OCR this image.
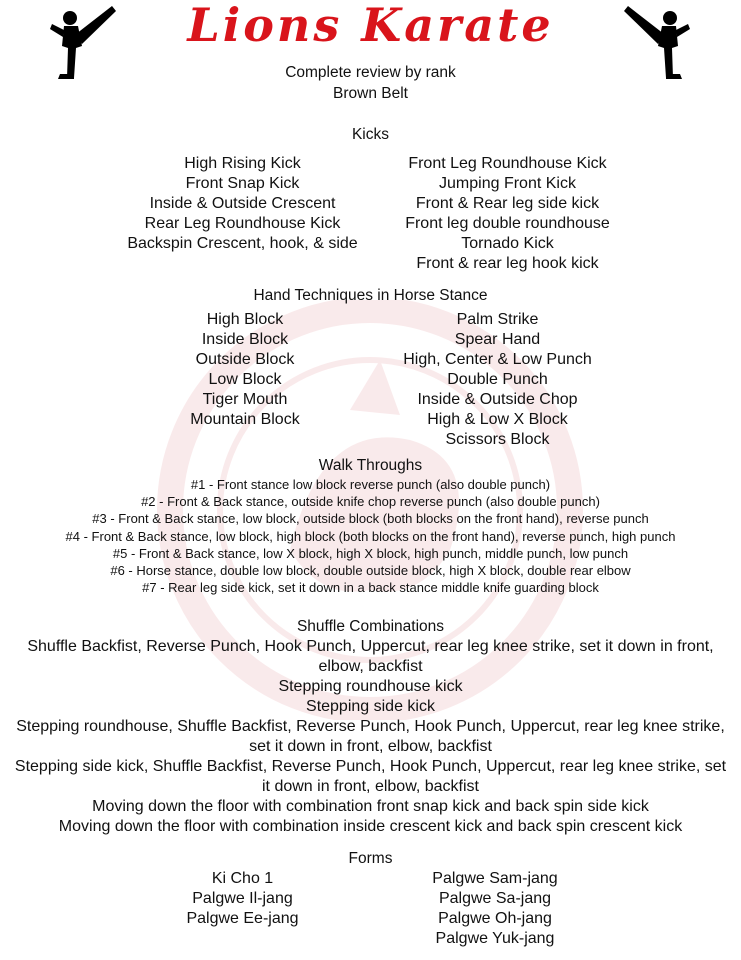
Lions Karate
Complete review by rank
Brown Belt
Kicks
High Rising Kick
Front Snap Kick
Inside & Outside Crescent
Rear Leg Roundhouse Kick
Backspin Crescent, hook, & side
Front Leg Roundhouse Kick
Jumping Front Kick
Front & Rear leg side kick
Front leg double roundhouse
Tornado Kick
Front & rear leg hook kick
Hand Techniques in Horse Stance
High Block
Inside Block
Outside Block
Low Block
Tiger Mouth
Mountain Block
Palm Strike
Spear Hand
High, Center & Low Punch
Double Punch
Inside & Outside Chop
High & Low X Block
Scissors Block
Walk Throughs
#1 - Front stance low block reverse punch (also double punch)
#2 - Front & Back stance, outside knife chop reverse punch (also double punch)
#3 - Front & Back stance, low block, outside block (both blocks on the front hand), reverse punch
#4 - Front & Back stance, low block, high block (both blocks on the front hand), reverse punch, high punch
#5 - Front & Back stance, low X block, high X block, high punch, middle punch, low punch
#6 - Horse stance, double low block, double outside block, high X block, double rear elbow
#7 - Rear leg side kick, set it down in a back stance middle knife guarding block
Shuffle Combinations
Shuffle Backfist, Reverse Punch, Hook Punch, Uppercut, rear leg knee strike, set it down in front, elbow, backfist
Stepping roundhouse kick
Stepping side kick
Stepping roundhouse, Shuffle Backfist, Reverse Punch, Hook Punch, Uppercut, rear leg knee strike, set it down in front, elbow, backfist
Stepping side kick, Shuffle Backfist, Reverse Punch, Hook Punch, Uppercut, rear leg knee strike, set it down in front, elbow, backfist
Moving down the floor with combination front snap kick and back spin side kick
Moving down the floor with combination inside crescent kick and back spin crescent kick
Forms
Ki Cho 1
Palgwe Il-jang
Palgwe Ee-jang
Palgwe Sam-jang
Palgwe Sa-jang
Palgwe Oh-jang
Palgwe Yuk-jang
